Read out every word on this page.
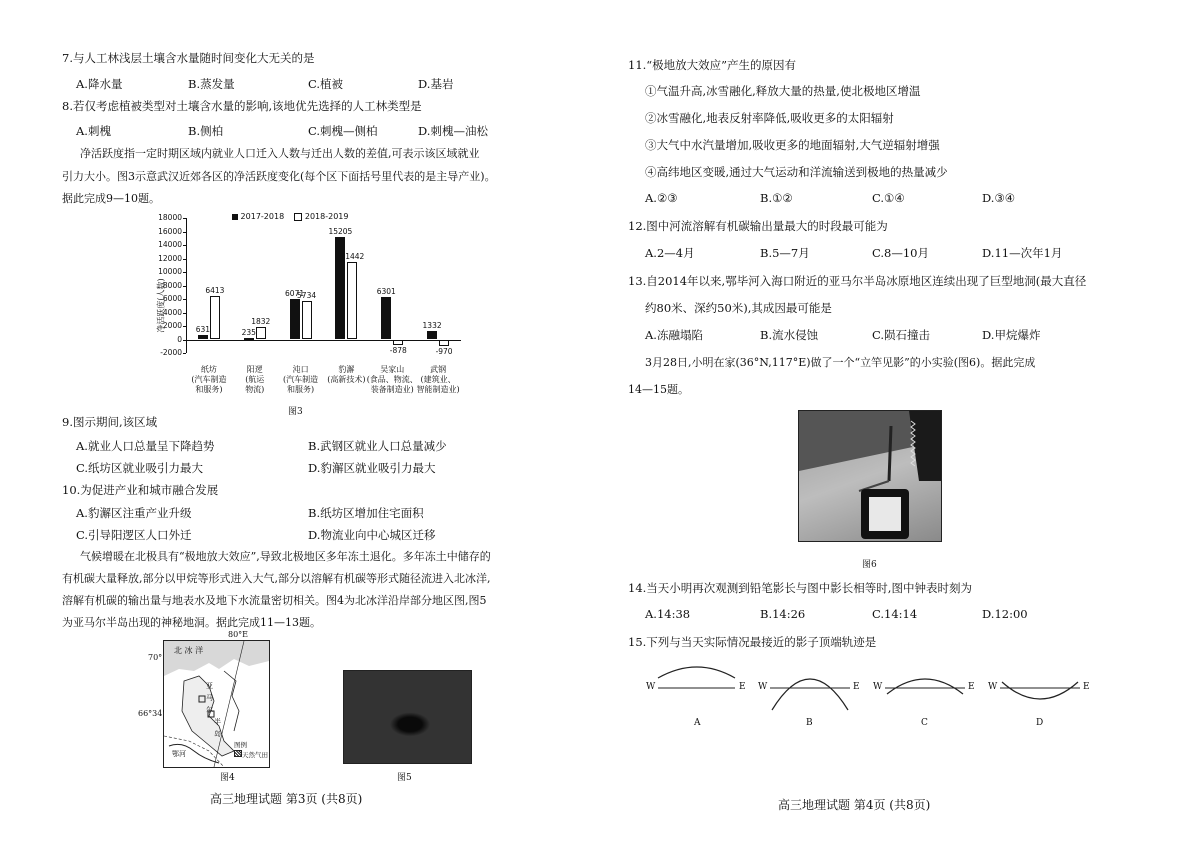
7.与人工林浅层土壤含水量随时间变化大无关的是
A.降水量	B.蒸发量	C.植被	D.基岩
8.若仅考虑植被类型对土壤含水量的影响,该地优先选择的人工林类型是
A.刺槐	B.侧柏	C.刺槐—侧柏	D.刺槐—油松
净活跃度指一定时期区域内就业人口迁入人数与迁出人数的差值,可表示该区域就业
引力大小。图3示意武汉近郊各区的净活跃度变化(每个区下面括号里代表的是主导产业)。
据此完成9—10题。
净活跃度(人数)
2017-2018	2018-2019
18000
16000
14000
12000
10000
8000
6000
4000
2000
0
-2000
631
6413
纸坊
(汽车制造
和服务)
235
1832
阳逻
(航运
物流)
6071
5734
沌口
(汽车制造
和服务)
15205
11442
豹澥
(高新技术)
6301
-878
吴家山
(食品、物流、
装备制造业)
1332
-970
武钢
(建筑业、
智能制造业)
图3
9.图示期间,该区域
A.就业人口总量呈下降趋势	B.武钢区就业人口总量减少
C.纸坊区就业吸引力最大	D.豹澥区就业吸引力最大
10.为促进产业和城市融合发展
A.豹澥区注重产业升级	B.纸坊区增加住宅面积
C.引导阳逻区人口外迁	D.物流业向中心城区迁移
气候增暖在北极具有“极地放大效应”,导致北极地区多年冻土退化。多年冻土中储存的
有机碳大量释放,部分以甲烷等形式进入大气,部分以溶解有机碳等形式随径流进入北冰洋,
溶解有机碳的输出量与地表水及地下水流量密切相关。图4为北冰洋沿岸部分地区图,图5
为亚马尔半岛出现的神秘地洞。据此完成11—13题。
北 冰 洋
亚
马
尔
半
岛
鄂河
图例
天然气田
80°E
70°
66°34'
图4	图5
高三地理试题 第3页 (共8页)
11.“极地放大效应”产生的原因有
①气温升高,冰雪融化,释放大量的热量,使北极地区增温
②冰雪融化,地表反射率降低,吸收更多的太阳辐射
③大气中水汽量增加,吸收更多的地面辐射,大气逆辐射增强
④高纬地区变暖,通过大气运动和洋流输送到极地的热量减少
A.②③	B.①②	C.①④	D.③④
12.图中河流溶解有机碳输出量最大的时段最可能为
A.2—4月	B.5—7月	C.8—10月	D.11—次年1月
13.自2014年以来,鄂毕河入海口附近的亚马尔半岛冰原地区连续出现了巨型地洞(最大直径
约80米、深约50米),其成因最可能是
A.冻融塌陷	B.流水侵蚀	C.陨石撞击	D.甲烷爆炸
3月28日,小明在家(36°N,117°E)做了一个“立竿见影”的小实验(图6)。据此完成
14—15题。
图6
14.当天小明再次观测到铅笔影长与图中影长相等时,图中钟表时刻为
A.14:38	B.14:26	C.14:14	D.12:00
15.下列与当天实际情况最接近的影子顶端轨迹是
W	E W	E W	E W	E
A	B	C	D
高三地理试题 第4页 (共8页)
